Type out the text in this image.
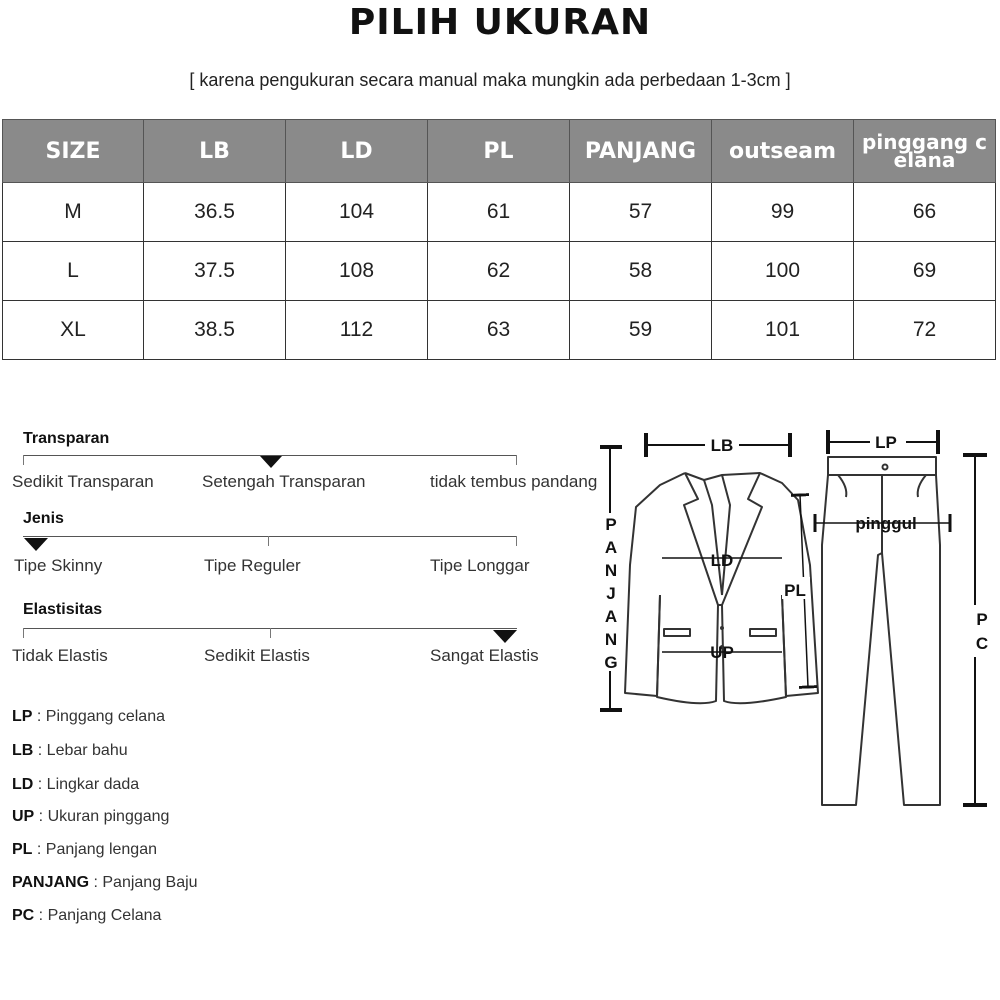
PILIH UKURAN
[ karena pengukuran secara manual maka mungkin ada perbedaan 1-3cm ]
SIZE	LB	LD	PL	PANJANG	outseam	pinggang c elana
M	36.5	104	61	57	99	66
L	37.5	108	62	58	100	69
XL	38.5	112	63	59	101	72
Transparan
Sedikit Transparan	Setengah Transparan	tidak tembus pandang
Jenis
Tipe Skinny	Tipe Reguler	Tipe Longgar
Elastisitas
Tidak Elastis	Sedikit Elastis	Sangat Elastis
LP : Pinggang celana
LB : Lebar bahu
LD : Lingkar dada
UP : Ukuran pinggang
PL : Panjang lengan
PANJANG : Panjang Baju
PC : Panjang Celana
LB	LP
LD
UP
PL
pinggul
P
A
N
J
A
N
G
P
C
